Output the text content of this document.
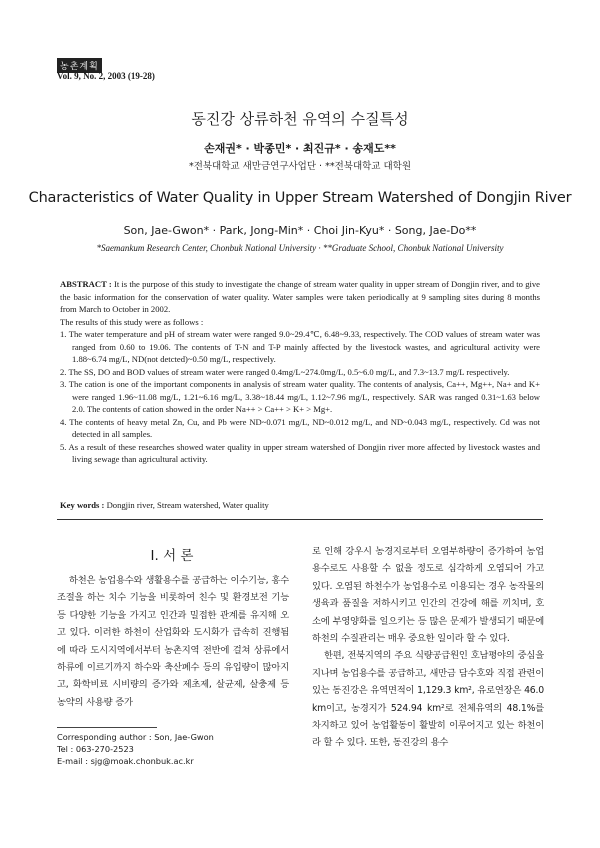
농촌계획
Vol. 9, No. 2, 2003 (19-28)
동진강 상류하천 유역의 수질특성
손재권* · 박종민* · 최진규* · 송재도**
*전북대학교 새만금연구사업단 · **전북대학교 대학원
Characteristics of Water Quality in Upper Stream Watershed of Dongjin River
Son, Jae-Gwon* · Park, Jong-Min* · Choi Jin-Kyu* · Song, Jae-Do**
*Saemankum Research Center, Chonbuk National University · **Graduate School, Chonbuk National University

ABSTRACT : It is the purpose of this study to investigate the change of stream water quality in upper stream of Dongjin river, and to give the basic information for the conservation of water quality. Water samples were taken periodically at 9 sampling sites during 8 months from March to October in 2002.

The results of this study were as follows :

1. The water temperature and pH of stream water were ranged 9.0~29.4℃, 6.48~9.33, respectively. The COD values of stream water was ranged from 0.60 to 19.06. The contents of T-N and T-P mainly affected by the livestock wastes, and agricultural activity were 1.88~6.74 mg/L, ND(not detcted)~0.50 mg/L, respectively.
2. The SS, DO and BOD values of stream water were ranged 0.4mg/L~274.0mg/L, 0.5~6.0 mg/L, and 7.3~13.7 mg/L respectively.
3. The cation is one of the important components in analysis of stream water quality. The contents of analysis, Ca++, Mg++, Na+ and K+ were ranged 1.96~11.08 mg/L, 1.21~6.16 mg/L, 3.38~18.44 mg/L, 1.12~7.96 mg/L, respectively. SAR was ranged 0.31~1.63 below 2.0. The contents of cation showed in the order Na++ > Ca++ > K+ > Mg+.
4. The contents of heavy metal Zn, Cu, and Pb were ND~0.071 mg/L, ND~0.012 mg/L, and ND~0.043 mg/L, respectively. Cd was not detected in all samples.
5. As a result of these researches showed water quality in upper stream watershed of Dongjin river more affected by livestock wastes and living sewage than agricultural activity.
Key words : Dongjin river, Stream watershed, Water quality
I. 서 론

하천은 농업용수와 생활용수를 공급하는 이수기능, 홍수조절을 하는 치수 기능을 비롯하여 친수 및 환경보전 기능 등 다양한 기능을 가지고 인간과 밀접한 관계를 유지해 오고 있다. 이러한 하천이 산업화와 도시화가 급속히 진행됨에 따라 도시지역에서부터 농촌지역 전반에 걸쳐 상류에서 하류에 이르기까지 하수와 축산폐수 등의 유입량이 많아지고, 화학비료 시비량의 증가와 제초제, 살균제, 살충제 등 농약의 사용량 증가

로 인해 강우시 농경지로부터 오염부하량이 증가하여 농업용수로도 사용할 수 없을 정도로 심각하게 오염되어 가고 있다. 오염된 하천수가 농업용수로 이용되는 경우 농작물의 생육과 품질을 저하시키고 인간의 건강에 해를 끼치며, 호소에 부영양화를 일으키는 등 많은 문제가 발생되기 때문에 하천의 수질관리는 매우 중요한 일이라 할 수 있다.

한편, 전북지역의 주요 식량공급원인 호남평야의 중심을 지나며 농업용수를 공급하고, 새만금 담수호와 직접 관련이 있는 동진강은 유역면적이 1,129.3 km², 유로연장은 46.0 km이고, 농경지가 524.94 km²로 전체유역의 48.1%를 차지하고 있어 농업활동이 활발히 이루어지고 있는 하천이라 할 수 있다. 또한, 동진강의 용수

Corresponding author : Son, Jae-Gwon
Tel : 063-270-2523
E-mail : sjg@moak.chonbuk.ac.kr
